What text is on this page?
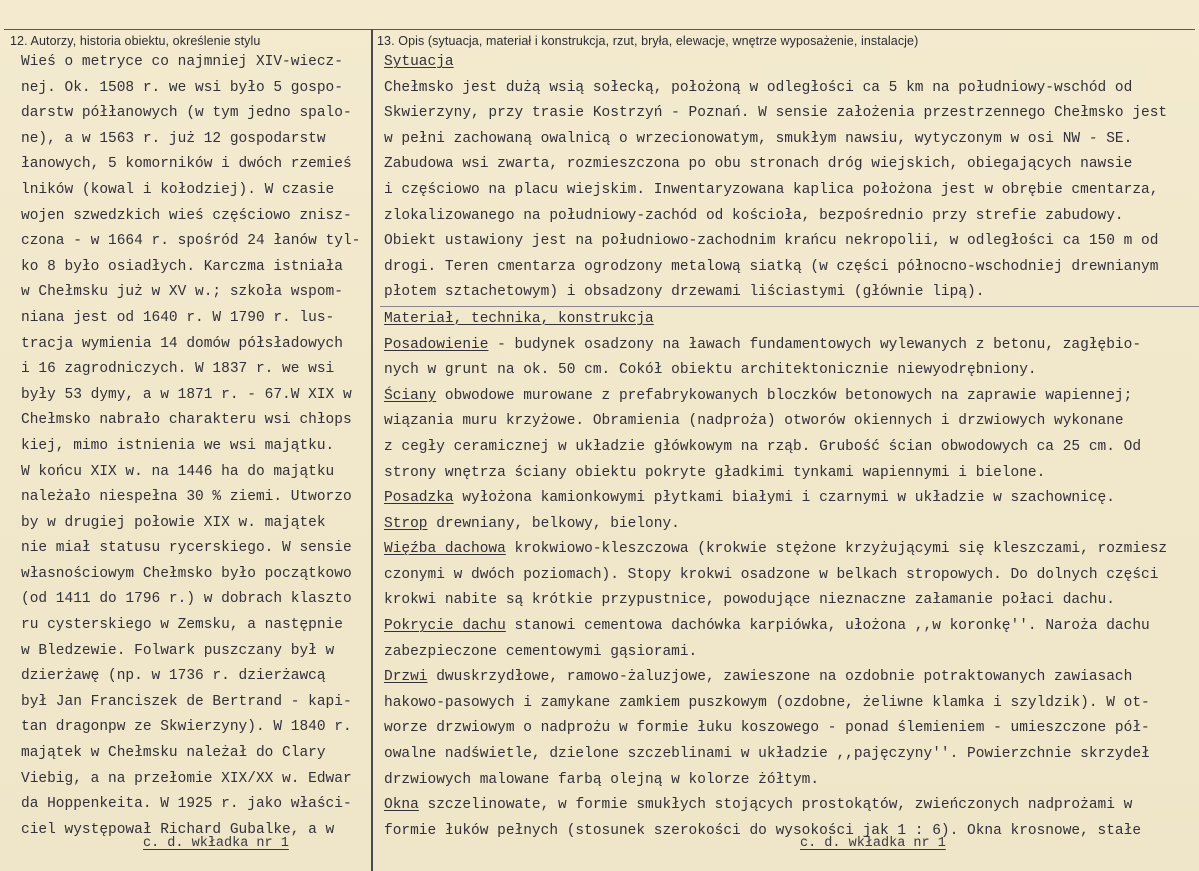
12. Autorzy, historia obiektu, określenie stylu	13. Opis (sytuacja, materiał i konstrukcja, rzut, bryła, elewacje, wnętrze wyposażenie, instalacje)
Wieś o metryce co najmniej XIV-wiecz-
nej. Ok. 1508 r. we wsi było 5 gospo-
darstw półłanowych (w tym jedno spalo-
ne), a w 1563 r. już 12 gospodarstw
łanowych, 5 komorników i dwóch rzemieś
lników (kowal i kołodziej). W czasie
wojen szwedzkich wieś częściowo znisz-
czona - w 1664 r. spośród 24 łanów tyl-
ko 8 było osiadłych. Karczma istniała
w Chełmsku już w XV w.; szkoła wspom-
niana jest od 1640 r. W 1790 r. lus-
tracja wymienia 14 domów półsładowych
i 16 zagrodniczych. W 1837 r. we wsi
były 53 dymy, a w 1871 r. - 67.W XIX w
Chełmsko nabrało charakteru wsi chłops
kiej, mimo istnienia we wsi majątku.
W końcu XIX w. na 1446 ha do majątku
należało niespełna 30 % ziemi. Utworzo
by w drugiej połowie XIX w. majątek
nie miał statusu rycerskiego. W sensie
własnościowym Chełmsko było początkowo
(od 1411 do 1796 r.) w dobrach klaszto
ru cysterskiego w Zemsku, a następnie
w Bledzewie. Folwark puszczany był w
dzierżawę (np. w 1736 r. dzierżawcą
był Jan Franciszek de Bertrand - kapi-
tan dragonpw ze Skwierzyny). W 1840 r.
majątek w Chełmsku należał do Clary
Viebig, a na przełomie XIX/XX w. Edwar
da Hoppenkeita. W 1925 r. jako właści-
ciel występował Richard Gubalke, a w
Sytuacja
Chełmsko jest dużą wsią sołecką, położoną w odległości ca 5 km na południowy-wschód od
Skwierzyny, przy trasie Kostrzyń - Poznań. W sensie założenia przestrzennego Chełmsko jest
w pełni zachowaną owalnicą o wrzecionowatym, smukłym nawsiu, wytyczonym w osi NW - SE.
Zabudowa wsi zwarta, rozmieszczona po obu stronach dróg wiejskich, obiegających nawsie
i częściowo na placu wiejskim. Inwentaryzowana kaplica położona jest w obrębie cmentarza,
zlokalizowanego na południowy-zachód od kościoła, bezpośrednio przy strefie zabudowy.
Obiekt ustawiony jest na południowo-zachodnim krańcu nekropolii, w odległości ca 150 m od
drogi. Teren cmentarza ogrodzony metalową siatką (w części północno-wschodniej drewnianym
płotem sztachetowym) i obsadzony drzewami liściastymi (głównie lipą).
Materiał, technika, konstrukcja
Posadowienie - budynek osadzony na ławach fundamentowych wylewanych z betonu, zagłębio-
nych w grunt na ok. 50 cm. Cokół obiektu architektonicznie niewyodrębniony.
Ściany obwodowe murowane z prefabrykowanych bloczków betonowych na zaprawie wapiennej;
wiązania muru krzyżowe. Obramienia (nadproża) otworów okiennych i drzwiowych wykonane
z cegły ceramicznej w układzie główkowym na rząb. Grubość ścian obwodowych ca 25 cm. Od
strony wnętrza ściany obiektu pokryte gładkimi tynkami wapiennymi i bielone.
Posadzka wyłożona kamionkowymi płytkami białymi i czarnymi w układzie w szachownicę.
Strop drewniany, belkowy, bielony.
Więźba dachowa krokwiowo-kleszczowa (krokwie stężone krzyżującymi się kleszczami, rozmiesz
czonymi w dwóch poziomach). Stopy krokwi osadzone w belkach stropowych. Do dolnych części
krokwi nabite są krótkie przypustnice, powodujące nieznaczne załamanie połaci dachu.
Pokrycie dachu stanowi cementowa dachówka karpiówka, ułożona ,,w koronkę''. Naroża dachu
zabezpieczone cementowymi gąsiorami.
Drzwi dwuskrzydłowe, ramowo-żaluzjowe, zawieszone na ozdobnie potraktowanych zawiasach
hakowo-pasowych i zamykane zamkiem puszkowym (ozdobne, żeliwne klamka i szyldzik). W ot-
worze drzwiowym o nadprożu w formie łuku koszowego - ponad ślemieniem - umieszczone pół-
owalne nadświetle, dzielone szczeblinami w układzie ,,pajęczyny''. Powierzchnie skrzydeł
drzwiowych malowane farbą olejną w kolorze żółtym.
Okna szczelinowate, w formie smukłych stojących prostokątów, zwieńczonych nadprożami w
formie łuków pełnych (stosunek szerokości do wysokości jak 1 : 6). Okna krosnowe, stałe
c. d. wkładka nr 1	c. d. wkładka nr 1
